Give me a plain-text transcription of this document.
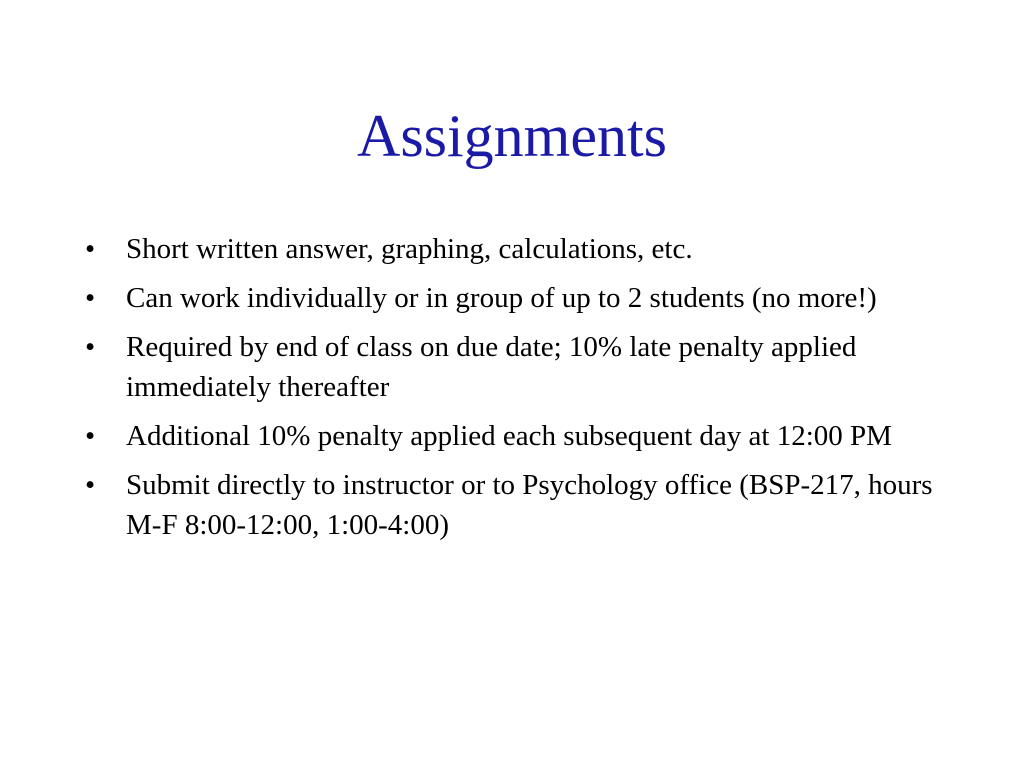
Assignments
•	Short written answer, graphing, calculations, etc.
•	Can work individually or in group of up to 2 students (no more!)
•	Required by end of class on due date; 10% late penalty applied immediately thereafter
•	Additional 10% penalty applied each subsequent day at 12:00 PM
•	Submit directly to instructor or to Psychology office (BSP-217, hours M-F 8:00-12:00, 1:00-4:00)
